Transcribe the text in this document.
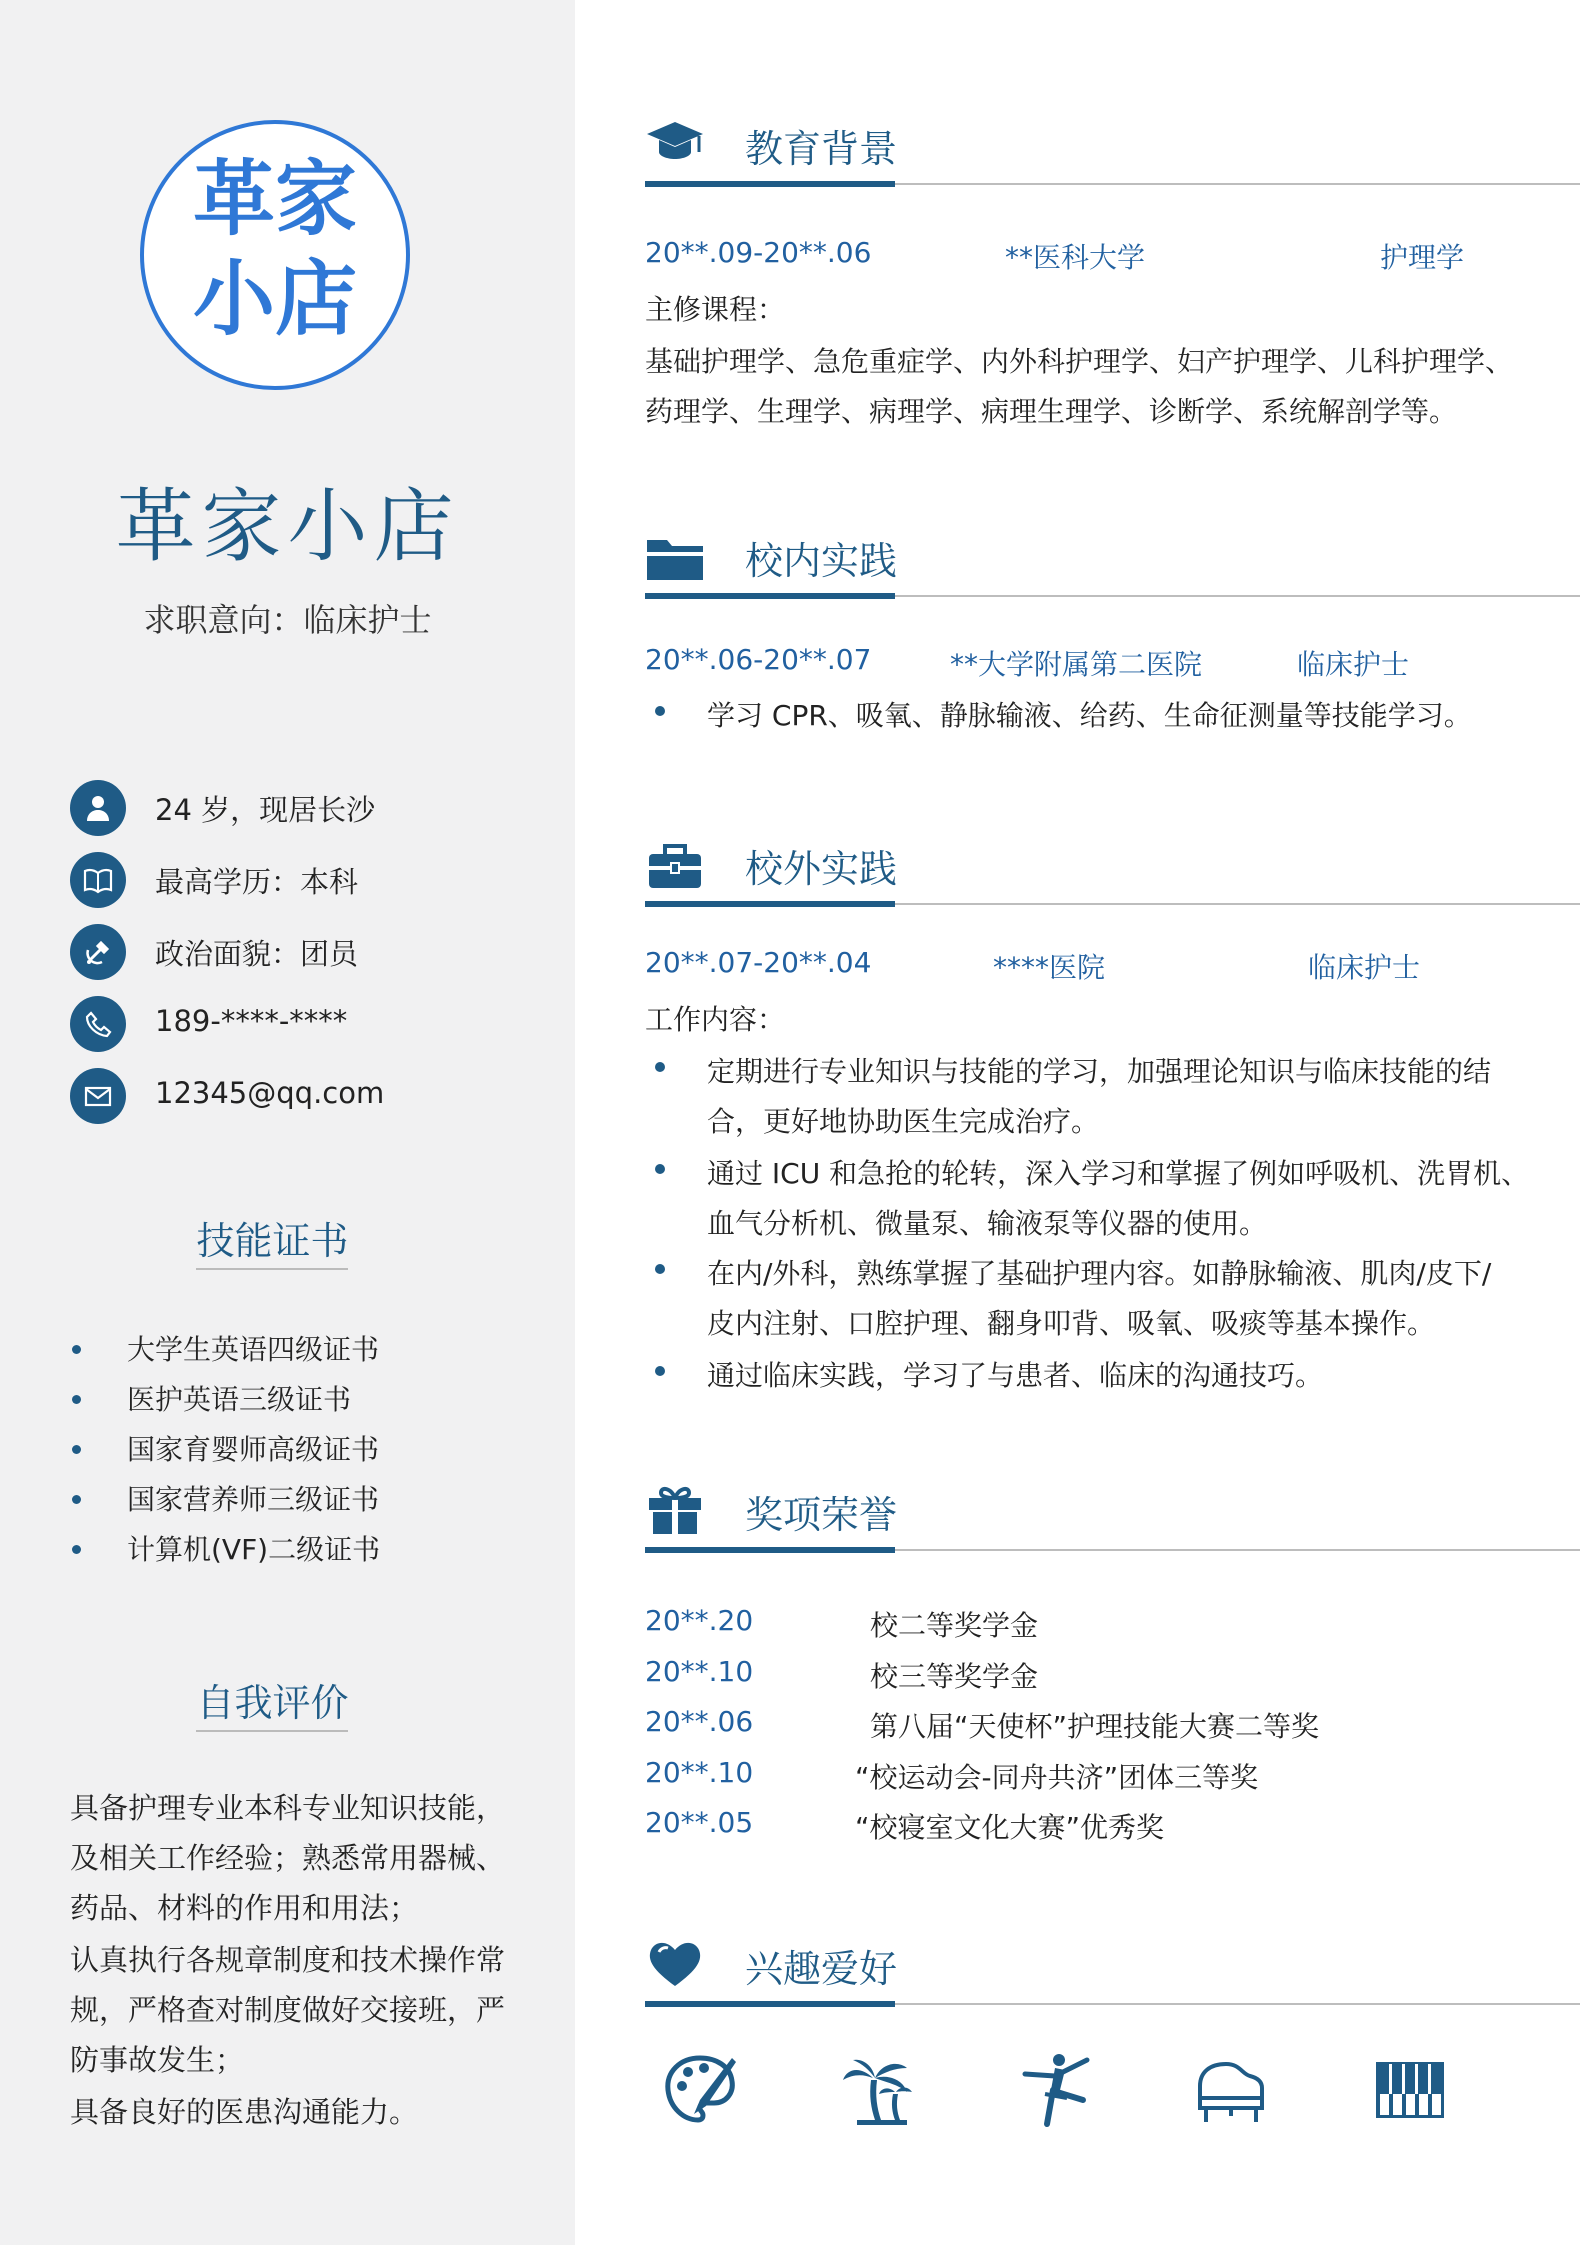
革家
小店
革家小店
求职意向：临床护士
24 岁，现居长沙
最高学历：本科
政治面貌：团员
189-****-****
12345@qq.com
技能证书
大学生英语四级证书
医护英语三级证书
国家育婴师高级证书
国家营养师三级证书
计算机(VF)二级证书
自我评价
具备护理专业本科专业知识技能，
及相关工作经验；熟悉常用器械、
药品、材料的作用和用法；
认真执行各规章制度和技术操作常
规，严格查对制度做好交接班，严
防事故发生；
具备良好的医患沟通能力。
教育背景
20**.09-20**.06	**医科大学	护理学
主修课程：
基础护理学、急危重症学、内外科护理学、妇产护理学、儿科护理学、
药理学、生理学、病理学、病理生理学、诊断学、系统解剖学等。
校内实践
20**.06-20**.07	**大学附属第二医院	临床护士
学习 CPR、吸氧、静脉输液、给药、生命征测量等技能学习。
校外实践
20**.07-20**.04	****医院	临床护士
工作内容：
定期进行专业知识与技能的学习，加强理论知识与临床技能的结
合，更好地协助医生完成治疗。
通过 ICU 和急抢的轮转，深入学习和掌握了例如呼吸机、洗胃机、
血气分析机、微量泵、输液泵等仪器的使用。
在内/外科，熟练掌握了基础护理内容。如静脉输液、肌肉/皮下/
皮内注射、口腔护理、翻身叩背、吸氧、吸痰等基本操作。
通过临床实践，学习了与患者、临床的沟通技巧。
奖项荣誉
20**.20	校二等奖学金
20**.10	校三等奖学金
20**.06	第八届“天使杯”护理技能大赛二等奖
20**.10	“校运动会-同舟共济”团体三等奖
20**.05	“校寝室文化大赛”优秀奖
兴趣爱好
